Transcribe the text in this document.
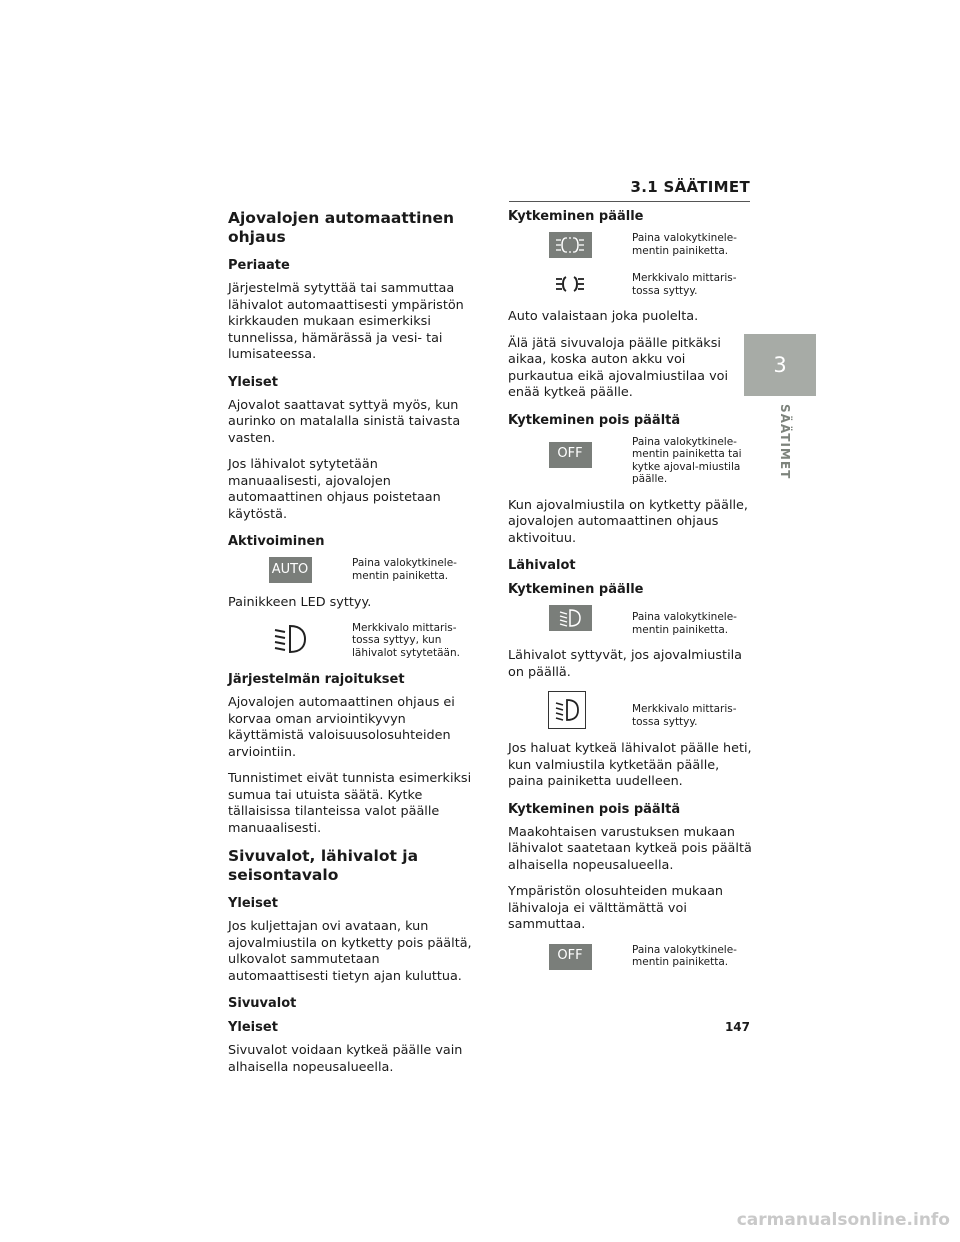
3.1 SÄÄTIMET
3
SÄÄTIMET
Ajovalojen automaattinen ohjaus
Periaate

Järjestelmä sytyttää tai sammuttaa lähivalot automaattisesti ympäristön kirkkauden mukaan esimerkiksi tunnelissa, hämärässä ja vesi- tai lumisateessa.

Yleiset

Ajovalot saattavat syttyä myös, kun aurinko on matalalla sinistä taivasta vasten.

Jos lähivalot sytytetään manuaalisesti, ajovalojen automaattinen ohjaus poistetaan käytöstä.

Aktivoiminen
AUTO	Paina valokytkinele-mentin painiketta.

Painikkeen LED syttyy.

Merkkivalo mittaris-tossa syttyy, kun lähivalot sytytetään.
Järjestelmän rajoitukset

Ajovalojen automaattinen ohjaus ei korvaa oman arviointikyvyn käyttämistä valoisuusolosuhteiden arviointiin.

Tunnistimet eivät tunnista esimerkiksi sumua tai utuista säätä. Kytke tällaisissa tilanteissa valot päälle manuaalisesti.

Sivuvalot, lähivalot ja seisontavalo
Yleiset

Jos kuljettajan ovi avataan, kun ajovalmiustila on kytketty pois päältä, ulkovalot sammutetaan automaattisesti tietyn ajan kuluttua.

Sivuvalot
Yleiset

Sivuvalot voidaan kytkeä päälle vain alhaisella nopeusalueella.

Kytkeminen päälle
Paina valokytkinele-mentin painiketta.
Merkkivalo mittaris-tossa syttyy.

Auto valaistaan joka puolelta.

Älä jätä sivuvaloja päälle pitkäksi aikaa, koska auton akku voi purkautua eikä ajovalmiustilaa voi enää kytkeä päälle.

Kytkeminen pois päältä
OFF
Paina valokytkinele-mentin painiketta tai kytke ajoval-miustila päälle.

Kun ajovalmiustila on kytketty päälle, ajovalojen automaattinen ohjaus aktivoituu.

Lähivalot
Kytkeminen päälle
Paina valokytkinele-mentin painiketta.

Lähivalot syttyvät, jos ajovalmiustila on päällä.

Merkkivalo mittaris-tossa syttyy.

Jos haluat kytkeä lähivalot päälle heti, kun valmiustila kytketään päälle, paina painiketta uudelleen.

Kytkeminen pois päältä

Maakohtaisen varustuksen mukaan lähivalot saatetaan kytkeä pois päältä alhaisella nopeusalueella.

Ympäristön olosuhteiden mukaan lähivaloja ei välttämättä voi sammuttaa.

OFF	Paina valokytkinele-mentin painiketta.
147
carmanualsonline.info
